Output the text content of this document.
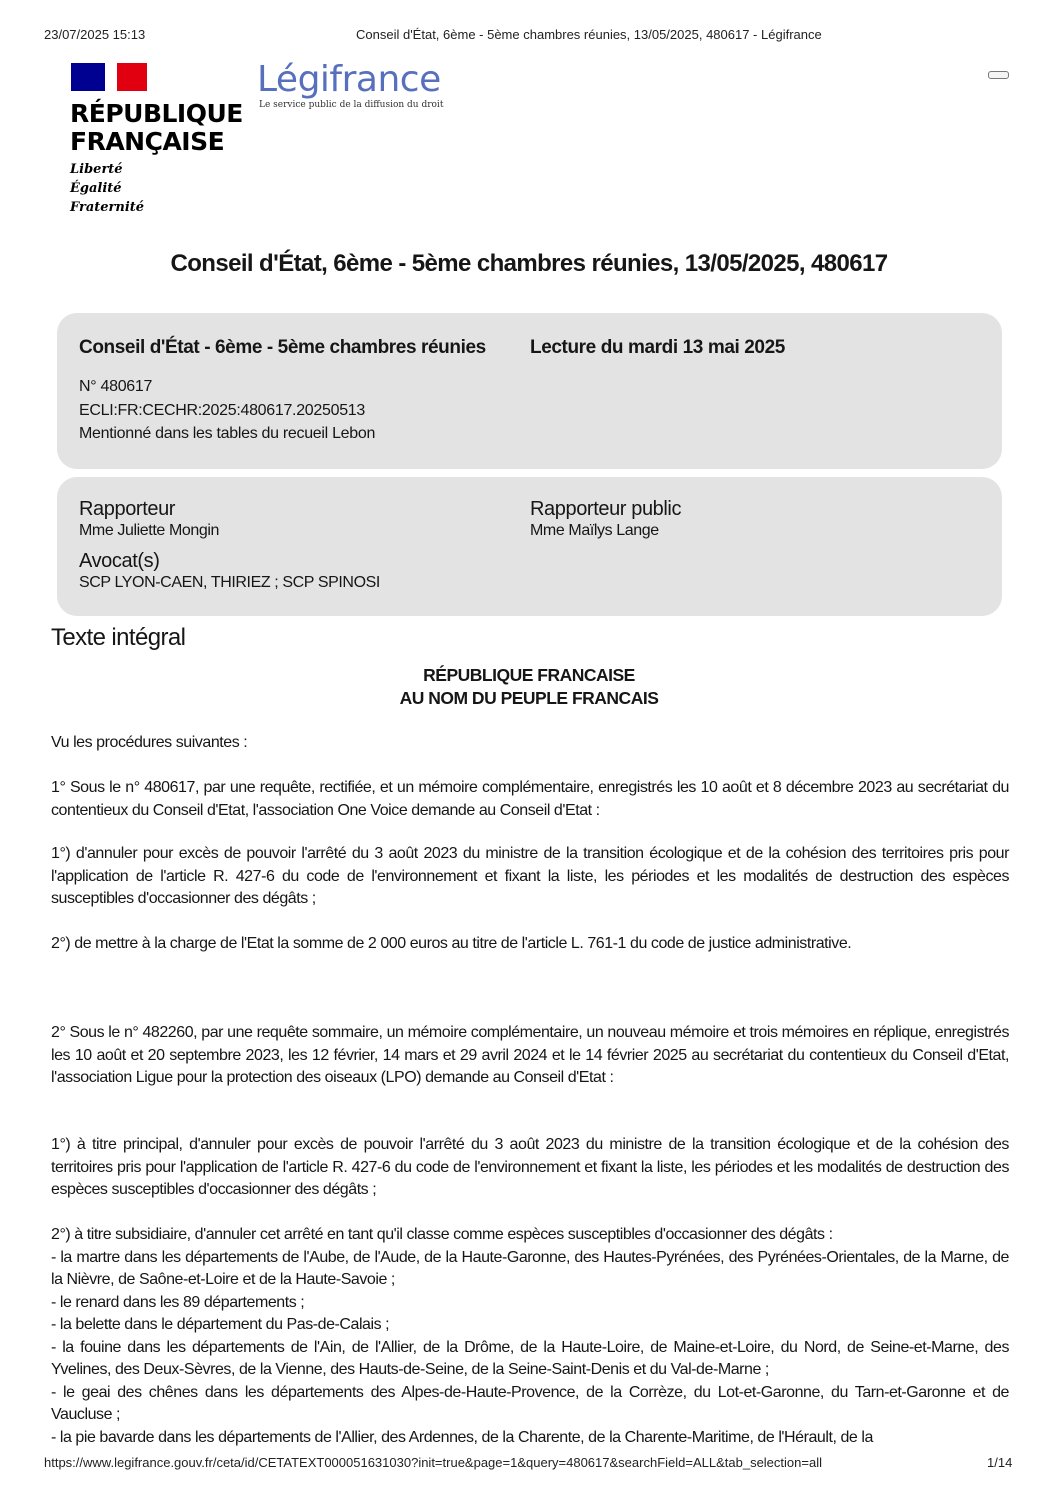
23/07/2025 15:13	Conseil d'État, 6ème - 5ème chambres réunies, 13/05/2025, 480617 - Légifrance
RÉPUBLIQUE
FRANÇAISE
Liberté
Égalité
Fraternité
Légifrance
Le service public de la diffusion du droit
Conseil d'État, 6ème - 5ème chambres réunies, 13/05/2025, 480617
Conseil d'État - 6ème - 5ème chambres réunies Lecture du mardi 13 mai 2025
N° 480617
ECLI:FR:CECHR:2025:480617.20250513
Mentionné dans les tables du recueil Lebon
Rapporteur
Mme Juliette Mongin
Rapporteur public
Mme Maïlys Lange
Avocat(s)
SCP LYON-CAEN, THIRIEZ ; SCP SPINOSI
Texte intégral
RÉPUBLIQUE FRANCAISE
AU NOM DU PEUPLE FRANCAIS

Vu les procédures suivantes :

1° Sous le n° 480617, par une requête, rectifiée, et un mémoire complémentaire, enregistrés les 10 août et 8 décembre 2023 au secrétariat du contentieux du Conseil d'Etat, l'association One Voice demande au Conseil d'Etat :

1°) d'annuler pour excès de pouvoir l'arrêté du 3 août 2023 du ministre de la transition écologique et de la cohésion des territoires pris pour l'application de l'article R. 427-6 du code de l'environnement et fixant la liste, les périodes et les modalités de destruction des espèces susceptibles d'occasionner des dégâts ;

2°) de mettre à la charge de l'Etat la somme de 2 000 euros au titre de l'article L. 761-1 du code de justice administrative.

2° Sous le n° 482260, par une requête sommaire, un mémoire complémentaire, un nouveau mémoire et trois mémoires en réplique, enregistrés les 10 août et 20 septembre 2023, les 12 février, 14 mars et 29 avril 2024 et le 14 février 2025 au secrétariat du contentieux du Conseil d'Etat, l'association Ligue pour la protection des oiseaux (LPO) demande au Conseil d'Etat :

1°) à titre principal, d'annuler pour excès de pouvoir l'arrêté du 3 août 2023 du ministre de la transition écologique et de la cohésion des territoires pris pour l'application de l'article R. 427-6 du code de l'environnement et fixant la liste, les périodes et les modalités de destruction des espèces susceptibles d'occasionner des dégâts ;

2°) à titre subsidiaire, d'annuler cet arrêté en tant qu'il classe comme espèces susceptibles d'occasionner des dégâts :

- la martre dans les départements de l'Aube, de l'Aude, de la Haute-Garonne, des Hautes-Pyrénées, des Pyrénées-Orientales, de la Marne, de la Nièvre, de Saône-et-Loire et de la Haute-Savoie ;

- le renard dans les 89 départements ;

- la belette dans le département du Pas-de-Calais ;

- la fouine dans les départements de l'Ain, de l'Allier, de la Drôme, de la Haute-Loire, de Maine-et-Loire, du Nord, de Seine-et-Marne, des Yvelines, des Deux-Sèvres, de la Vienne, des Hauts-de-Seine, de la Seine-Saint-Denis et du Val-de-Marne ;

- le geai des chênes dans les départements des Alpes-de-Haute-Provence, de la Corrèze, du Lot-et-Garonne, du Tarn-et-Garonne et de Vaucluse ;

- la pie bavarde dans les départements de l'Allier, des Ardennes, de la Charente, de la Charente-Maritime, de l'Hérault, de la

https://www.legifrance.gouv.fr/ceta/id/CETATEXT000051631030?init=true&page=1&query=480617&searchField=ALL&tab_selection=all	1/14
